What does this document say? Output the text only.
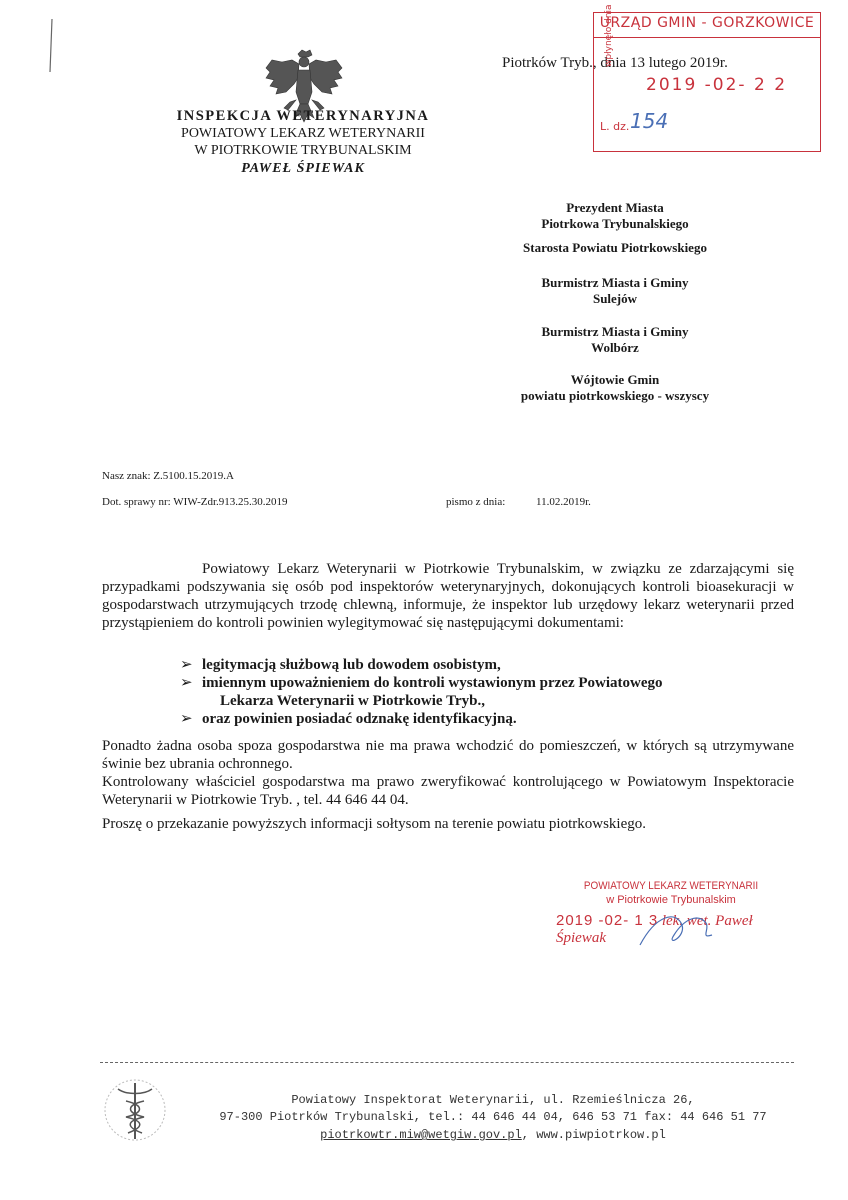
INSPEKCJA WETERYNARYJNA
POWIATOWY LEKARZ WETERYNARII
W PIOTRKOWIE TRYBUNALSKIM
PAWEŁ ŚPIEWAK
Piotrków Tryb., dnia 13 lutego 2019r.
URZĄD GMIN - GORZKOWICE
wpłynęło dnia
2019 -02- 2 2
L. dz. 154
Prezydent Miasta
Piotrkowa Trybunalskiego
Starosta Powiatu Piotrkowskiego
Burmistrz Miasta i Gminy
Sulejów
Burmistrz Miasta i Gminy
Wolbórz
Wójtowie Gmin
powiatu piotrkowskiego - wszyscy
Nasz znak: Z.5100.15.2019.A
Dot. sprawy nr: WIW-Zdr.913.25.30.2019	pismo z dnia:	11.02.2019r.
Powiatowy Lekarz Weterynarii w Piotrkowie Trybunalskim, w związku ze zdarzającymi się przypadkami podszywania się osób pod inspektorów weterynaryjnych, dokonujących kontroli bioasekuracji w gospodarstwach utrzymujących trzodę chlewną, informuje, że inspektor lub urzędowy lekarz weterynarii przed przystąpieniem do kontroli powinien wylegitymować się następującymi dokumentami:
➢ legitymacją służbową lub dowodem osobistym,
➢ imiennym upoważnieniem do kontroli wystawionym przez Powiatowego
Lekarza Weterynarii w Piotrkowie Tryb.,
➢ oraz powinien posiadać odznakę identyfikacyjną.
Ponadto żadna osoba spoza gospodarstwa nie ma prawa wchodzić do pomieszczeń, w których są utrzymywane świnie bez ubrania ochronnego.
Kontrolowany właściciel gospodarstwa ma prawo zweryfikować kontrolującego w Powiatowym Inspektoracie Weterynarii w Piotrkowie Tryb. , tel. 44 646 44 04.
Proszę o przekazanie powyższych informacji sołtysom na terenie powiatu piotrkowskiego.
POWIATOWY LEKARZ WETERYNARII
w Piotrkowie Trybunalskim
2019 -02- 1 3 lek. wet. Paweł Śpiewak
Powiatowy Inspektorat Weterynarii, ul. Rzemieślnicza 26,
97-300 Piotrków Trybunalski, tel.: 44 646 44 04, 646 53 71 fax: 44 646 51 77
piotrkowtr.miw@wetgiw.gov.pl, www.piwpiotrkow.pl
